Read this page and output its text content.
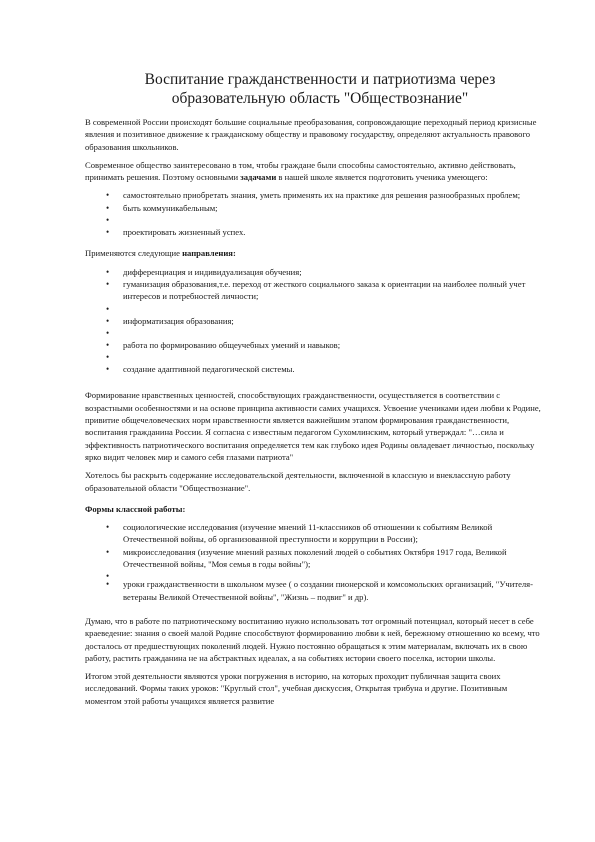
Воспитание гражданственности и патриотизма через
образовательную область "Обществознание"

В современной России происходят большие социальные преобразования, сопровождающие переходный период кризисные явления и позитивное движение к гражданскому обществу и правовому государству, определяют актуальность правового образования школьников.

Современное общество заинтересовано в том, чтобы граждане были способны самостоятельно, активно действовать, принимать решения. Поэтому основными задачами в нашей школе является подготовить ученика умеющего:

• самостоятельно приобретать знания, уметь применять их на практике для решения разнообразных проблем;
• быть коммуникабельным;
•
• проектировать жизненный успех.

Применяются следующие направления:

• дифференциация и индивидуализация обучения;
• гуманизация образования,т.е. переход от жесткого социального заказа к ориентации на наиболее полный учет интересов и потребностей личности;
•
• информатизация образования;
•
• работа по формированию общеучебных умений и навыков;
•
• создание адаптивной педагогической системы.

Формирование нравственных ценностей, способствующих гражданственности, осуществляется в соответствии с возрастными особенностями и на основе принципа активности самих учащихся. Усвоение учениками идеи любви к Родине, привитие общечеловеческих норм нравственности является важнейшим этапом формирования гражданственности, воспитания гражданина России. Я согласна с известным педагогом Сухомлинским, который утверждал: "…сила и эффективность патриотического воспитания определяется тем как глубоко идея Родины овладевает личностью, поскольку ярко видит человек мир и самого себя глазами патриота"

Хотелось бы раскрыть содержание исследовательской деятельности, включенной в классную и внеклассную работу образовательной области "Обществознание".

Формы классной работы:

• социологические исследования (изучение мнений 11-классников об отношении к событиям Великой Отечественной войны, об организованной преступности и коррупции в России);
• микроисследования (изучение мнений разных поколений людей о событиях Октября 1917 года, Великой Отечественной войны, "Моя семья в годы войны");
•
• уроки гражданственности в школьном музее ( о создании пионерской и комсомольских организаций, "Учителя-ветераны Великой Отечественной войны", "Жизнь – подвиг" и др).

Думаю, что в работе по патриотическому воспитанию нужно использовать тот огромный потенциал, который несет в себе краеведение: знания о своей малой Родине способствуют формированию любви к ней, бережному отношению ко всему, что досталось от предшествующих поколений людей. Нужно постоянно обращаться к этим материалам, включать их в свою работу, растить гражданина не на абстрактных идеалах, а на событиях истории своего поселка, истории школы.

Итогом этой деятельности являются уроки погружения в историю, на которых проходит публичная защита своих исследований. Формы таких уроков: "Круглый стол", учебная дискуссия, Открытая трибуна и другие. Позитивным моментом этой работы учащихся является развитие
